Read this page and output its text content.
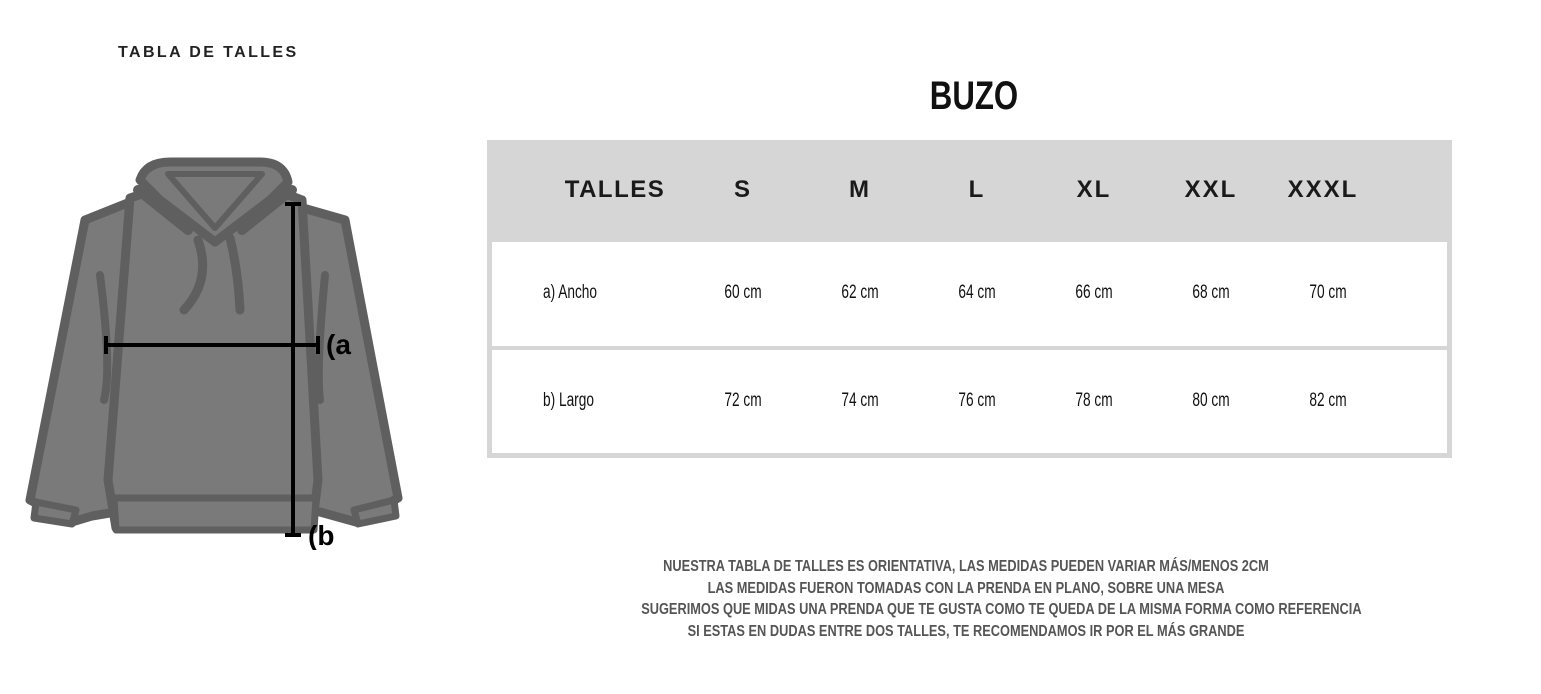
TABLA DE TALLES
BUZO
(a
(b
TALLES	S	M	L	XL	XXL	XXXL
a) Ancho	60 cm	62 cm	64 cm	66 cm	68 cm	70 cm
b) Largo	72 cm	74 cm	76 cm	78 cm	80 cm	82 cm
NUESTRA TABLA DE TALLES ES ORIENTATIVA, LAS MEDIDAS PUEDEN VARIAR MÁS/MENOS 2CM
LAS MEDIDAS FUERON TOMADAS CON LA PRENDA EN PLANO, SOBRE UNA MESA
SUGERIMOS QUE MIDAS UNA PRENDA QUE TE GUSTA COMO TE QUEDA DE LA MISMA FORMA COMO REFERENCIA
SI ESTAS EN DUDAS ENTRE DOS TALLES, TE RECOMENDAMOS IR POR EL MÁS GRANDE
